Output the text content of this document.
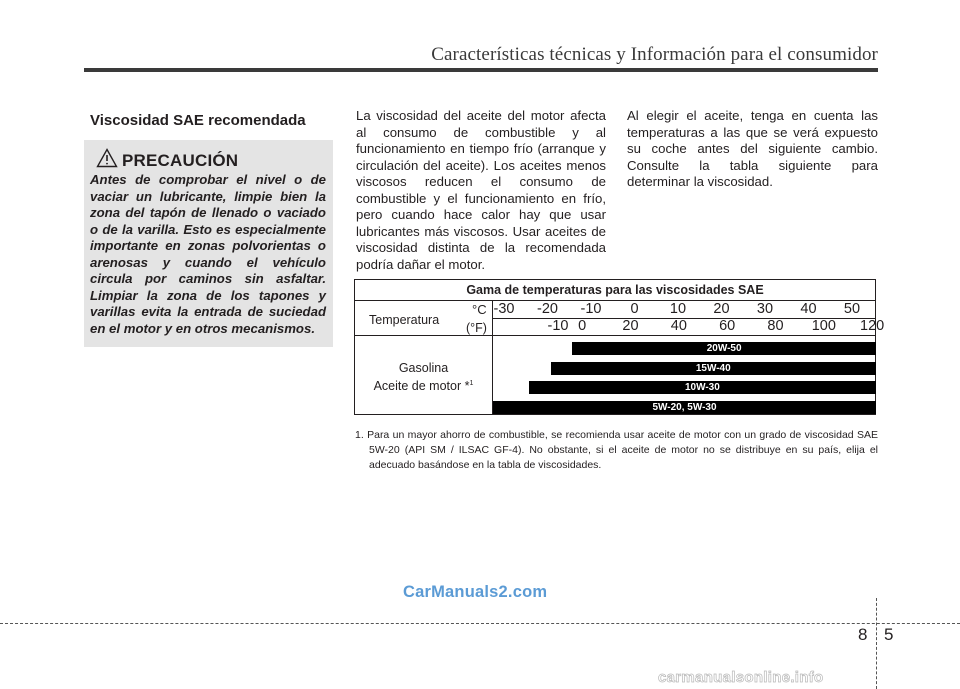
Características técnicas y Información para el consumidor
Viscosidad SAE recomendada
PRECAUCIÓN
Antes de comprobar el nivel o de vaciar un lubricante, limpie bien la zona del tapón de llenado o vaciado o de la varilla. Esto es especialmente importante en zonas polvorientas o arenosas y cuando el vehículo circula por caminos sin asfaltar. Limpiar la zona de los tapones y varillas evita la entrada de suciedad en el motor y en otros mecanismos.
La viscosidad del aceite del motor afecta al consumo de combustible y al funcionamiento en tiempo frío (arranque y circulación del aceite). Los aceites menos viscosos reducen el consumo de combustible y el funcionamiento en frío, pero cuando hace calor hay que usar lubricantes más viscosos. Usar aceites de viscosidad distinta de la recomendada podría dañar el motor.
Al elegir el aceite, tenga en cuenta las temperaturas a las que se verá expuesto su coche antes del siguiente cambio. Consulte la tabla siguiente para determinar la viscosidad.
Gama de temperaturas para las viscosidades SAE
Temperatura
°C
(°F)
-30 -20 -10 0 10 20 30 40 50
-10 0 20 40 60 80 100 120
Gasolina
Aceite de motor *$^1$
20W-50
15W-40
10W-30
5W-20, 5W-30
1. Para un mayor ahorro de combustible, se recomienda usar aceite de motor con un grado de viscosidad SAE 5W-20 (API SM / ILSAC GF-4). No obstante, si el aceite de motor no se distribuye en su país, elija el adecuado basándose en la tabla de viscosidades.
CarManuals2.com
8 5
carmanualsonline.info
